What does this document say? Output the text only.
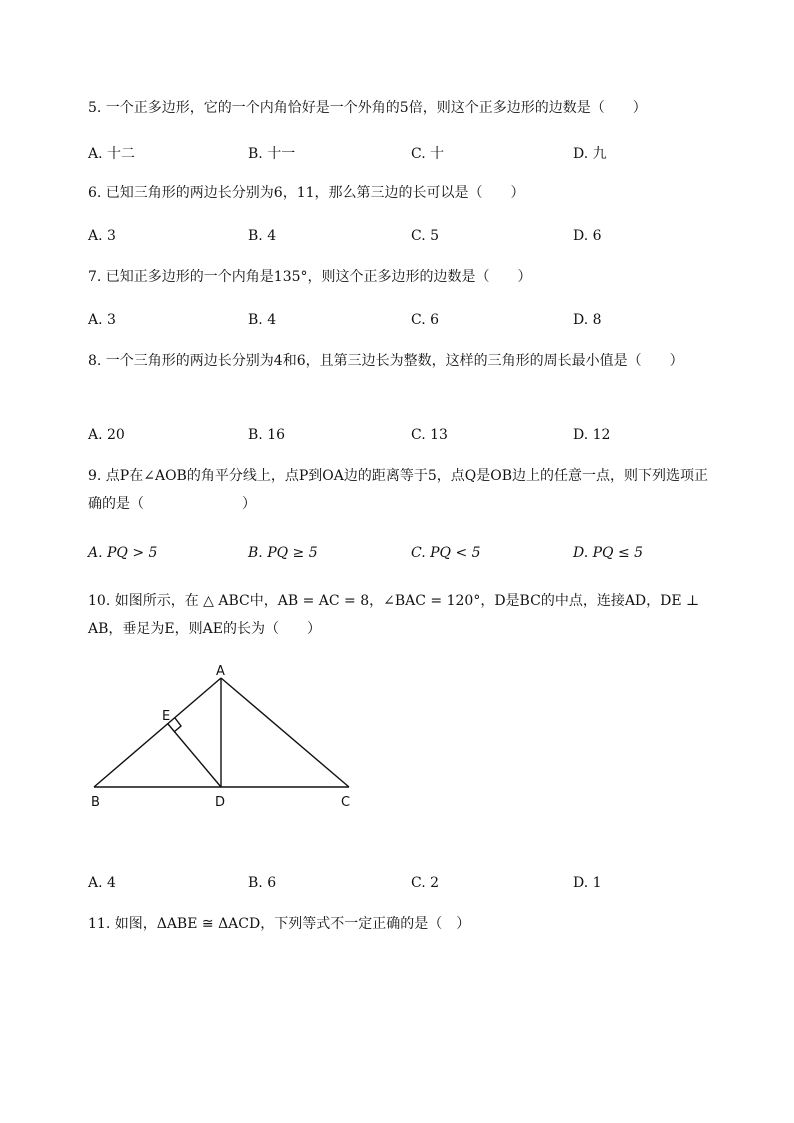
5. 一个正多边形，它的一个内角恰好是一个外角的5倍，则这个正多边形的边数是（　　）
A. 十二	B. 十一	C. 十	D. 九
6. 已知三角形的两边长分别为6，11，那么第三边的长可以是（　　）
A. 3	B. 4	C. 5	D. 6
7. 已知正多边形的一个内角是135°，则这个正多边形的边数是（　　）
A. 3	B. 4	C. 6	D. 8
8. 一个三角形的两边长分别为4和6，且第三边长为整数，这样的三角形的周长最小值是（　　）
A. 20	B. 16	C. 13	D. 12
9. 点P在∠AOB的角平分线上，点P到OA边的距离等于5，点Q是OB边上的任意一点，则下列选项正确的是（　　　　　　　）
A. PQ > 5	B. PQ ≥ 5	C. PQ < 5	D. PQ ≤ 5
10. 如图所示，在 △ ABC中，AB = AC = 8，∠BAC = 120°，D是BC的中点，连接AD，DE ⊥ AB，垂足为E，则AE的长为（　　）
A
E
B	D	C
A. 4	B. 6	C. 2	D. 1
11. 如图，ΔABE ≅ ΔACD，下列等式不一定正确的是（　）
